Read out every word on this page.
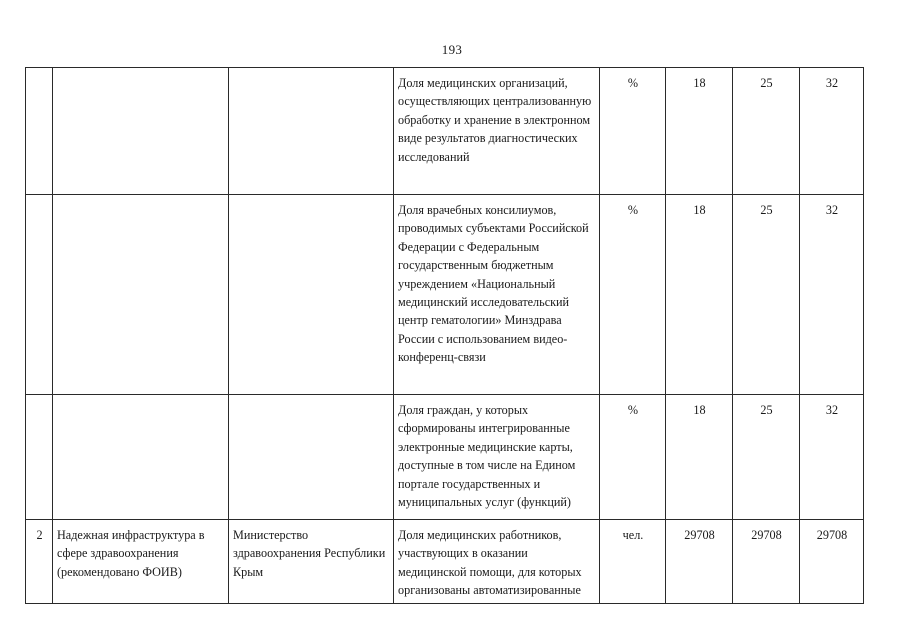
193
			Доля медицинских организаций, осуществляющих централизованную обработку и хранение в электронном виде результатов диагностических исследований	%	18	25	32
			Доля врачебных консилиумов, проводимых субъектами Российской Федерации с Федеральным государственным бюджетным учреждением «Национальный медицинский исследовательский центр гематологии» Минздрава России с использованием видео-конференц-связи	%	18	25	32
			Доля граждан, у которых сформированы интегрированные электронные медицинские карты, доступные в том числе на Едином портале государственных и муниципальных услуг (функций)	%	18	25	32
2	Надежная инфраструктура в сфере здравоохранения (рекомендовано ФОИВ)	Министерство здравоохранения Республики Крым	Доля медицинских работников, участвующих в оказании медицинской помощи, для которых организованы автоматизированные	чел.	29708	29708	29708
